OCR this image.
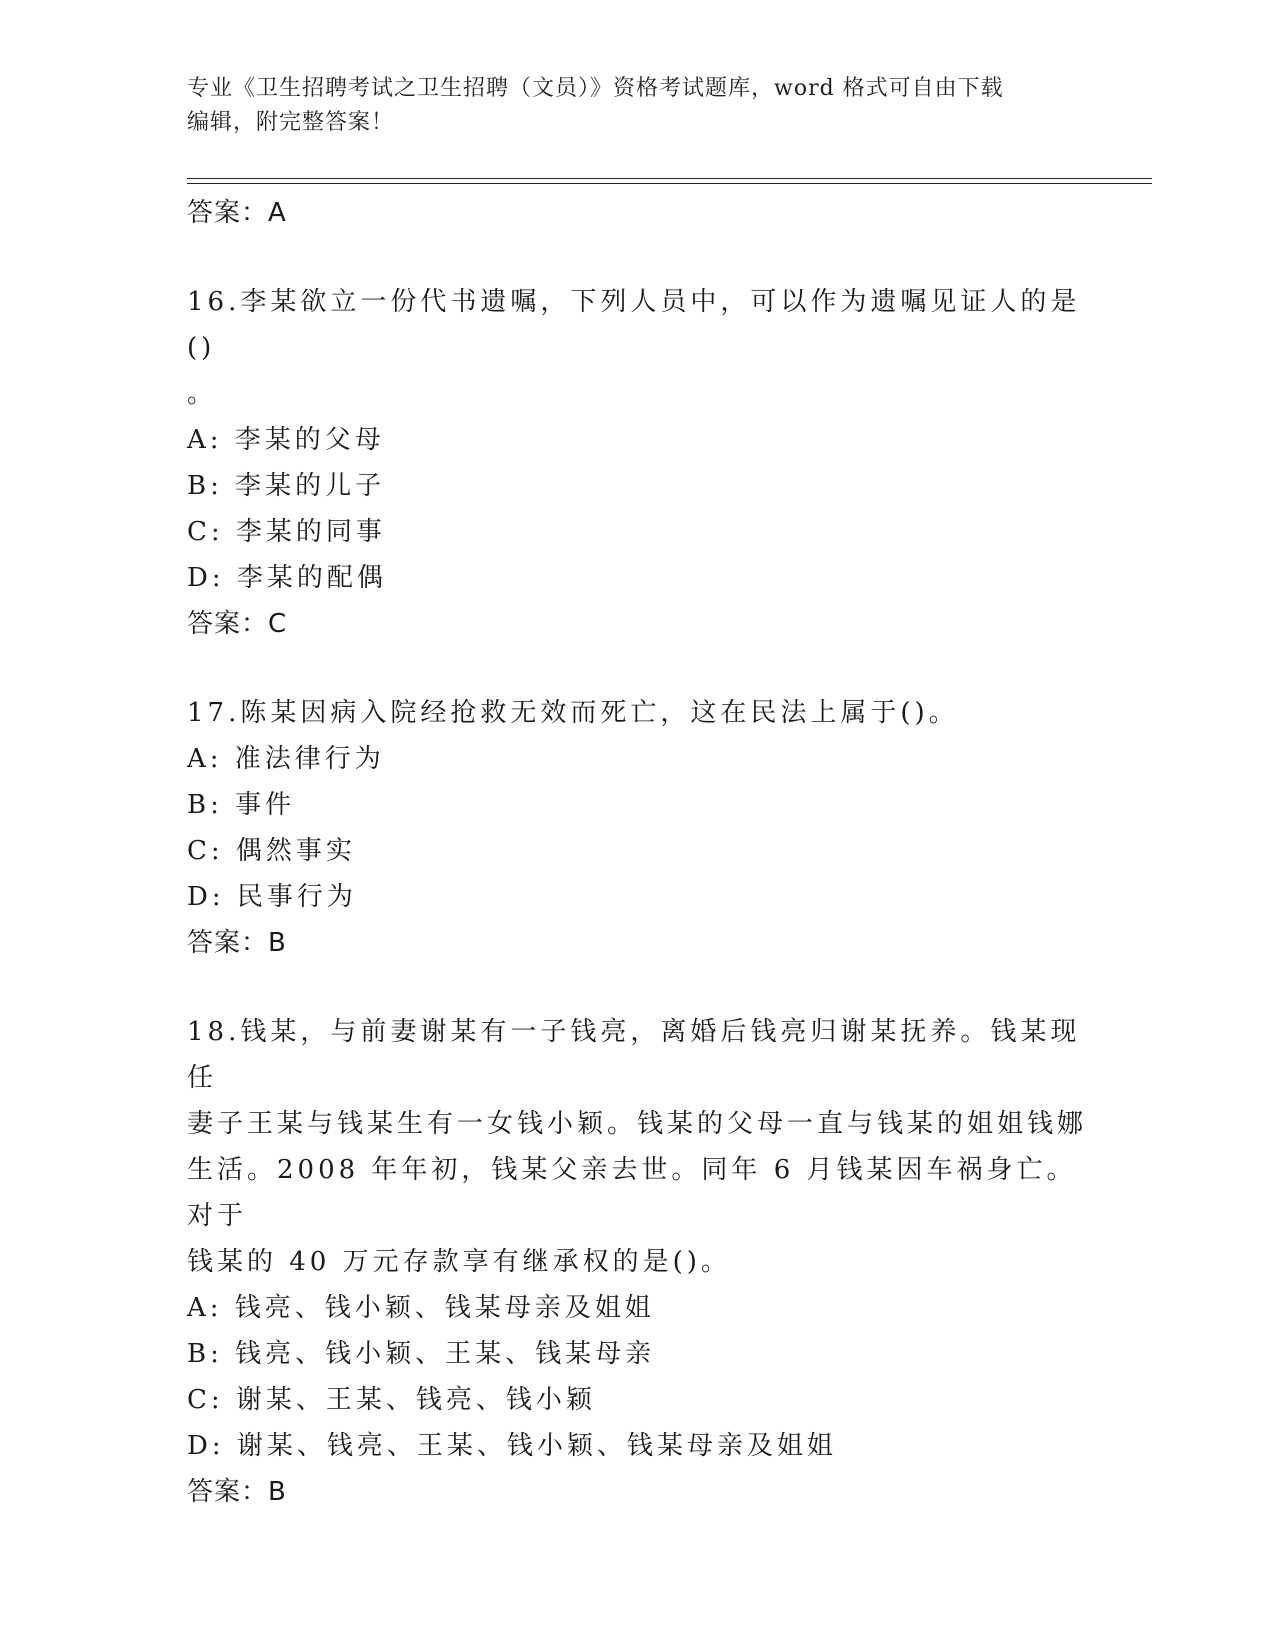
专业《卫生招聘考试之卫生招聘（文员）》资格考试题库，word 格式可自由下载
编辑，附完整答案！

答案：A

16.李某欲立一份代书遗嘱，下列人员中，可以作为遗嘱见证人的是()

。

A: 李某的父母

B: 李某的儿子

C: 李某的同事

D: 李某的配偶

答案：C

17.陈某因病入院经抢救无效而死亡，这在民法上属于()。

A: 准法律行为

B: 事件

C: 偶然事实

D: 民事行为

答案：B

18.钱某，与前妻谢某有一子钱亮，离婚后钱亮归谢某抚养。钱某现任

妻子王某与钱某生有一女钱小颖。钱某的父母一直与钱某的姐姐钱娜

生活。2008 年年初，钱某父亲去世。同年 6 月钱某因车祸身亡。对于

钱某的 40 万元存款享有继承权的是()。

A: 钱亮、钱小颖、钱某母亲及姐姐

B: 钱亮、钱小颖、王某、钱某母亲

C: 谢某、王某、钱亮、钱小颖

D: 谢某、钱亮、王某、钱小颖、钱某母亲及姐姐

答案：B
